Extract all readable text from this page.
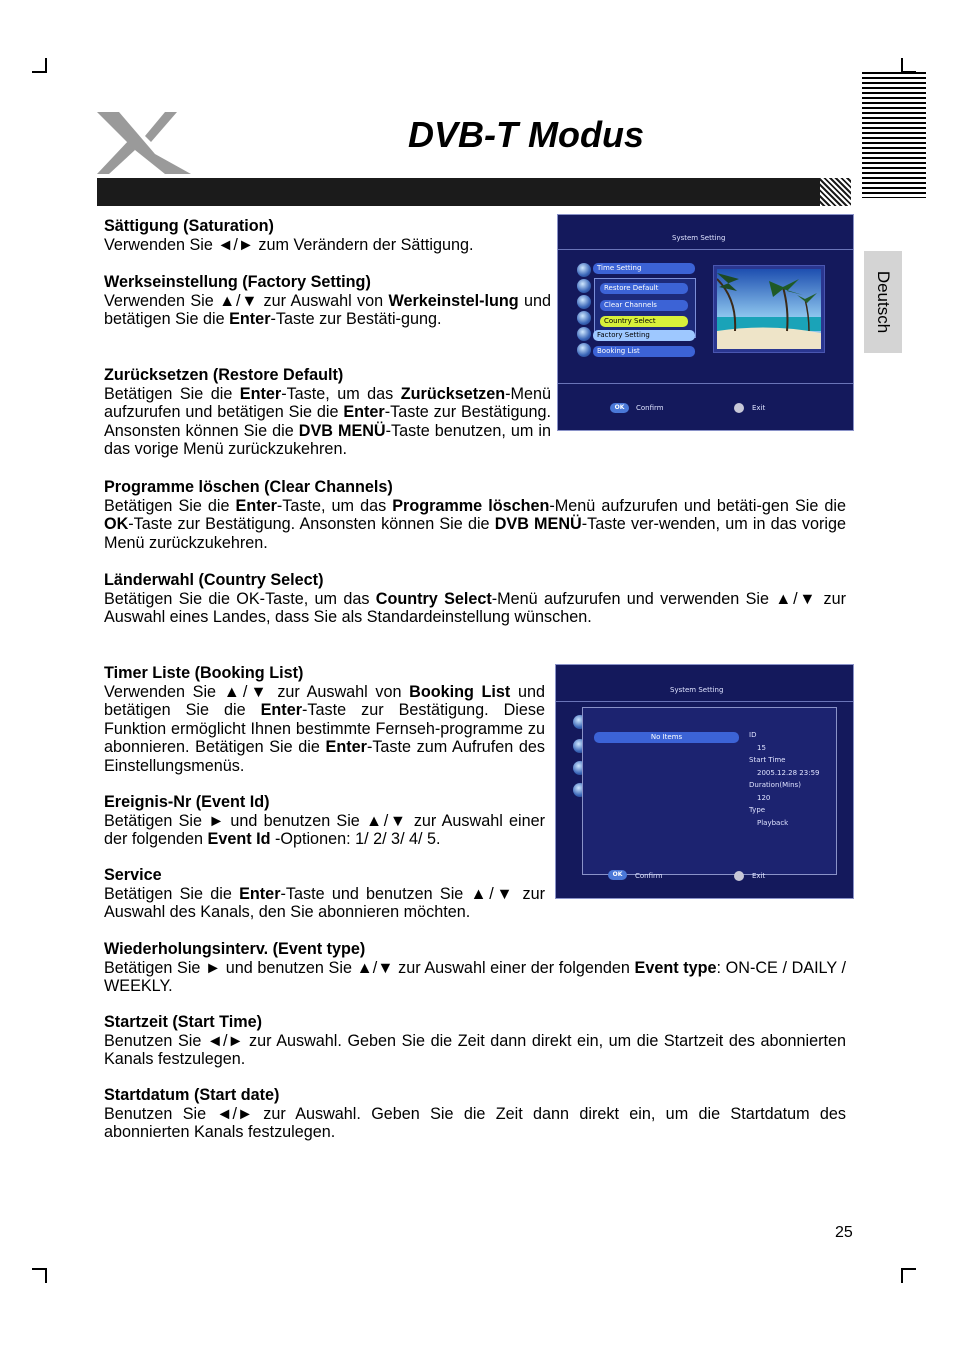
DVB-T Modus
Deutsch

Sättigung (Saturation)

Verwenden Sie ◄/► zum Verändern der Sättigung.

Werkseinstellung (Factory Setting)

Verwenden Sie ▲/▼ zur Auswahl von Werkeinstel-lung und betätigen Sie die Enter-Taste zur Bestäti-gung.

Zurücksetzen (Restore Default)

Betätigen Sie die Enter-Taste, um das Zurücksetzen-Menü aufzurufen und betätigen Sie die Enter-Taste zur Bestätigung. Ansonsten können Sie die DVB MENÜ-Taste benutzen, um in das vorige Menü zurückzukehren.

Programme löschen (Clear Channels)

Betätigen Sie die Enter-Taste, um das Programme löschen-Menü aufzurufen und betäti-gen Sie die OK-Taste zur Bestätigung. Ansonsten können Sie die DVB MENÜ-Taste ver-wenden, um in das vorige Menü zurückzukehren.

Länderwahl (Country Select)

Betätigen Sie die OK-Taste, um das Country Select-Menü aufzurufen und verwenden Sie ▲/▼ zur Auswahl eines Landes, dass Sie als Standardeinstellung wünschen.

Timer Liste (Booking List)

Verwenden Sie ▲/▼ zur Auswahl von Booking List und betätigen Sie die Enter-Taste zur Bestätigung. Diese Funktion ermöglicht Ihnen bestimmte Fernseh-programme zu abonnieren. Betätigen Sie die Enter-Taste zum Aufrufen des Einstellungsmenüs.

Ereignis-Nr (Event Id)

Betätigen Sie ► und benutzen Sie ▲/▼ zur Auswahl einer der folgenden Event Id -Optionen: 1/ 2/ 3/ 4/ 5.

Service

Betätigen Sie die Enter-Taste und benutzen Sie ▲/▼ zur Auswahl des Kanals, den Sie abonnieren möchten.

Wiederholungsinterv. (Event type)

Betätigen Sie ► und benutzen Sie ▲/▼ zur Auswahl einer der folgenden Event type: ON-CE / DAILY / WEEKLY.

Startzeit (Start Time)

Benutzen Sie ◄/► zur Auswahl. Geben Sie die Zeit dann direkt ein, um die Startzeit des abonnierten Kanals festzulegen.

Startdatum (Start date)

Benutzen Sie ◄/► zur Auswahl. Geben Sie die Zeit dann direkt ein, um die Startdatum des abonnierten Kanals festzulegen.

System Setting
Time Setting
Restore Default
Clear Channels
Country Select
Factory Setting
Booking List
OK	Confirm	Exit
System Setting
No Items	ID
15
Start Time
2005.12.28 23:59
Duration(Mins)
120
Type
Playback
OK	Confirm	Exit
25
